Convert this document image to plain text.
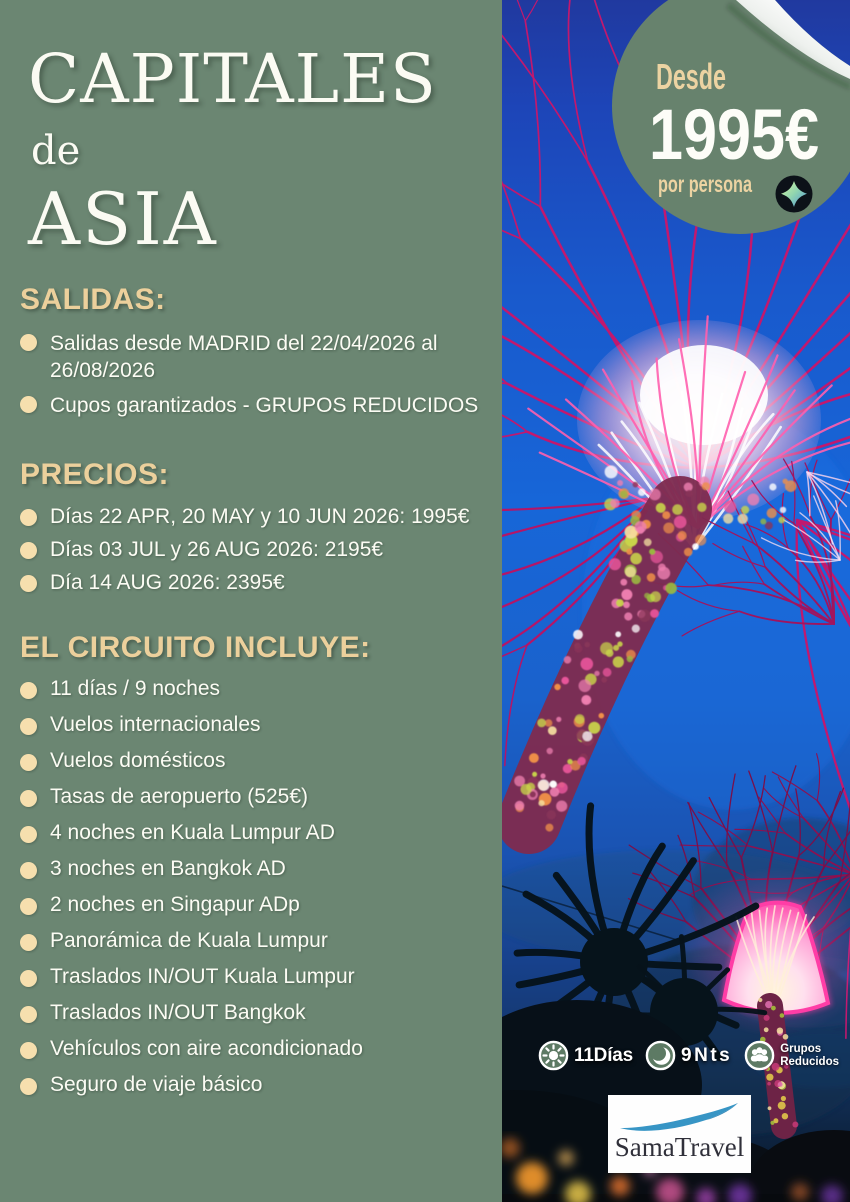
CAPITALES
de
ASIA
SALIDAS:
Salidas desde MADRID del 22/04/2026 al 26/08/2026
Cupos garantizados - GRUPOS REDUCIDOS
PRECIOS:
Días 22 APR, 20 MAY y 10 JUN 2026: 1995€
Días 03 JUL y 26 AUG 2026: 2195€
Día 14 AUG 2026: 2395€
EL CIRCUITO INCLUYE:
11 días / 9 noches
Vuelos internacionales
Vuelos domésticos
Tasas de aeropuerto (525€)
4 noches en Kuala Lumpur AD
3 noches en Bangkok AD
2 noches en Singapur ADp
Panorámica de Kuala Lumpur
Traslados IN/OUT Kuala Lumpur
Traslados IN/OUT Bangkok
Vehículos con aire acondicionado
Seguro de viaje básico
Desde
1995€
por persona
11Días	9Nts	Grupos
Reducidos
SamaTravel
